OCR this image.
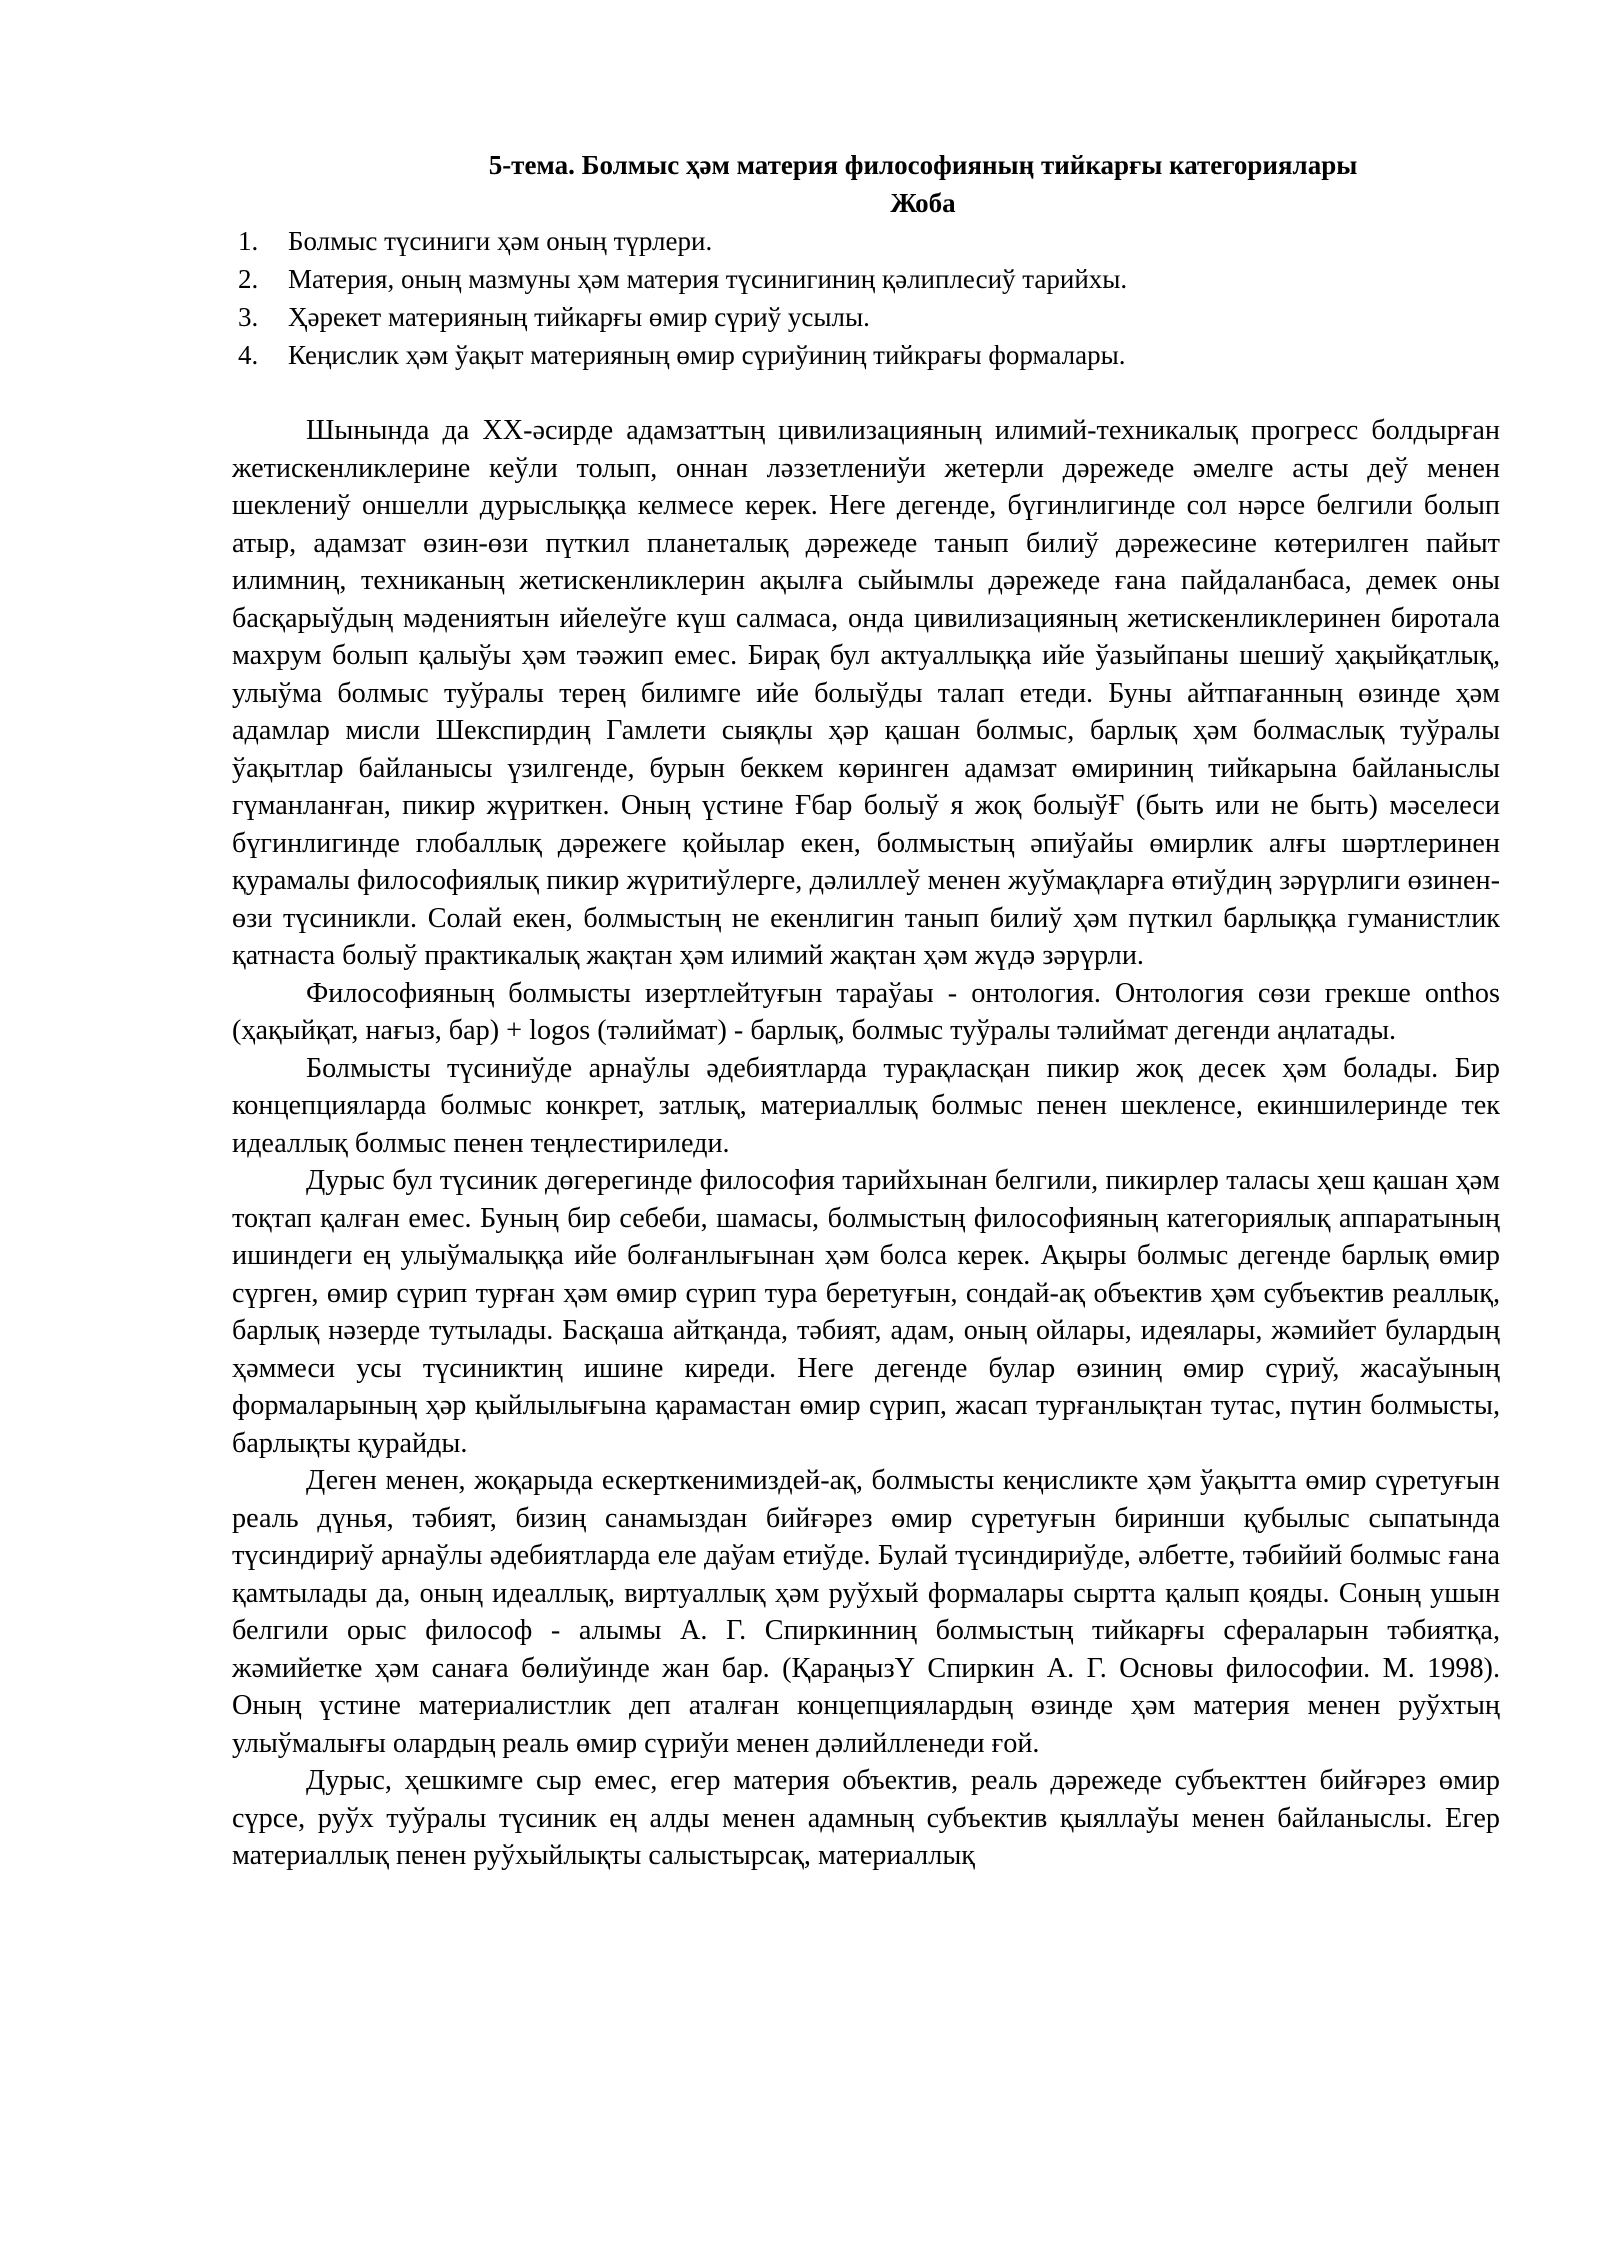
5-тема. Болмыс ҳәм материя философияның тийкарғы категориялары
Жоба
1. Болмыс түсиниги ҳәм оның түрлери.
2. Материя, оның мазмуны ҳәм материя түсинигиниң қәлиплесиў тарийхы.
3. Ҳәрекет материяның тийкарғы өмир сүриў усылы.
4. Кеңислик ҳәм ўақыт материяның өмир сүриўиниң тийкрағы формалары.

Шынында да XX-әсирде адамзаттың цивилизацияның илимий-техникалық прогресс болдырған жетискенликлерине кеўли толып, оннан ләззетлениўи жетерли дәрежеде әмелге асты деў менен шеклениў оншелли дурыслыққа келмесе керек. Неге дегенде, бүгинлигинде сол нәрсе белгили болып атыр, адамзат өзин-өзи пүткил планеталық дәрежеде танып билиў дәрежесине көтерилген пайыт илимниң, техниканың жетискенликлерин ақылға сыйымлы дәрежеде ғана пайдаланбаса, демек оны басқарыўдың мәдениятын ийелеўге күш салмаса, онда цивилизацияның жетискенликлеринен биротала махрум болып қалыўы ҳәм тәәжип емес. Бирақ бул актуаллыққа ийе ўазыйпаны шешиў ҳақыйқатлық, улыўма болмыс туўралы терең билимге ийе болыўды талап етеди. Буны айтпағанның өзинде ҳәм адамлар мисли Шекспирдиң Гамлети сыяқлы ҳәр қашан болмыс, барлық ҳәм болмаслық туўралы ўақытлар байланысы үзилгенде, бурын беккем көринген адамзат өмириниң тийкарына байланыслы гүманланған, пикир жүриткен. Оның үстине Ғбар болыў я жоқ болыўҒ (быть или не быть) мәселеси бүгинлигинде глобаллық дәрежеге қойылар екен, болмыстың әпиўайы өмирлик алғы шәртлеринен қурамалы философиялық пикир жүритиўлерге, дәлиллеў менен жуўмақларға өтиўдиң зәрүрлиги өзинен-өзи түсиникли. Солай екен, болмыстың не екенлигин танып билиў ҳәм пүткил барлыққа гуманистлик қатнаста болыў практикалық жақтан ҳәм илимий жақтан ҳәм жүдә зәрүрли.

Философияның болмысты изертлейтуғын тараўаы - онтология. Онтология сөзи грекше onthos (ҳақыйқат, нағыз, бар) + logos (тәлиймат) - барлық, болмыс туўралы тәлиймат дегенди аңлатады.

Болмысты түсиниўде арнаўлы әдебиятларда турақласқан пикир жоқ десек ҳәм болады. Бир концепцияларда болмыс конкрет, затлық, материаллық болмыс пенен шекленсе, екиншилеринде тек идеаллық болмыс пенен теңлестириледи.

Дурыс бул түсиник дөгерегинде философия тарийхынан белгили, пикирлер таласы ҳеш қашан ҳәм тоқтап қалған емес. Буның бир себеби, шамасы, болмыстың философияның категориялық аппаратының ишиндеги ең улыўмалыққа ийе болғанлығынан ҳәм болса керек. Ақыры болмыс дегенде барлық өмир сүрген, өмир сүрип турған ҳәм өмир сүрип тура беретуғын, сондай-ақ объектив ҳәм субъектив реаллық, барлық нәзерде тутылады. Басқаша айтқанда, тәбият, адам, оның ойлары, идеялары, жәмийет булардың ҳәммеси усы түсиниктиң ишине киреди. Неге дегенде булар өзиниң өмир сүриў, жасаўының формаларының ҳәр қыйлылығына қарамастан өмир сүрип, жасап турғанлықтан тутас, пүтин болмысты, барлықты қурайды.

Деген менен, жоқарыда ескерткенимиздей-ақ, болмысты кеңисликте ҳәм ўақытта өмир сүретуғын реаль дүнья, тәбият, бизиң санамыздан бийғәрез өмир сүретуғын биринши қубылыс сыпатында түсиндириў арнаўлы әдебиятларда еле даўам етиўде. Булай түсиндириўде, әлбетте, тәбийий болмыс ғана қамтылады да, оның идеаллық, виртуаллық ҳәм руўхый формалары сыртта қалып қояды. Соның ушын белгили орыс философ - алымы А. Г. Спиркинниң болмыстың тийкарғы сфераларын тәбиятқа, жәмийетке ҳәм санаға бөлиўинде жан бар. (ҚараңызҮ Спиркин А. Г. Основы философии. М. 1998). Оның үстине материалистлик деп аталған концепциялардың өзинде ҳәм материя менен руўхтың улыўмалығы олардың реаль өмир сүриўи менен дәлийлленеди ғой.

Дурыс, ҳешкимге сыр емес, егер материя объектив, реаль дәрежеде субъекттен бийғәрез өмир сүрсе, руўх туўралы түсиник ең алды менен адамның субъектив қыяллаўы менен байланыслы. Егер материаллық пенен руўхыйлықты салыстырсақ, материаллық
